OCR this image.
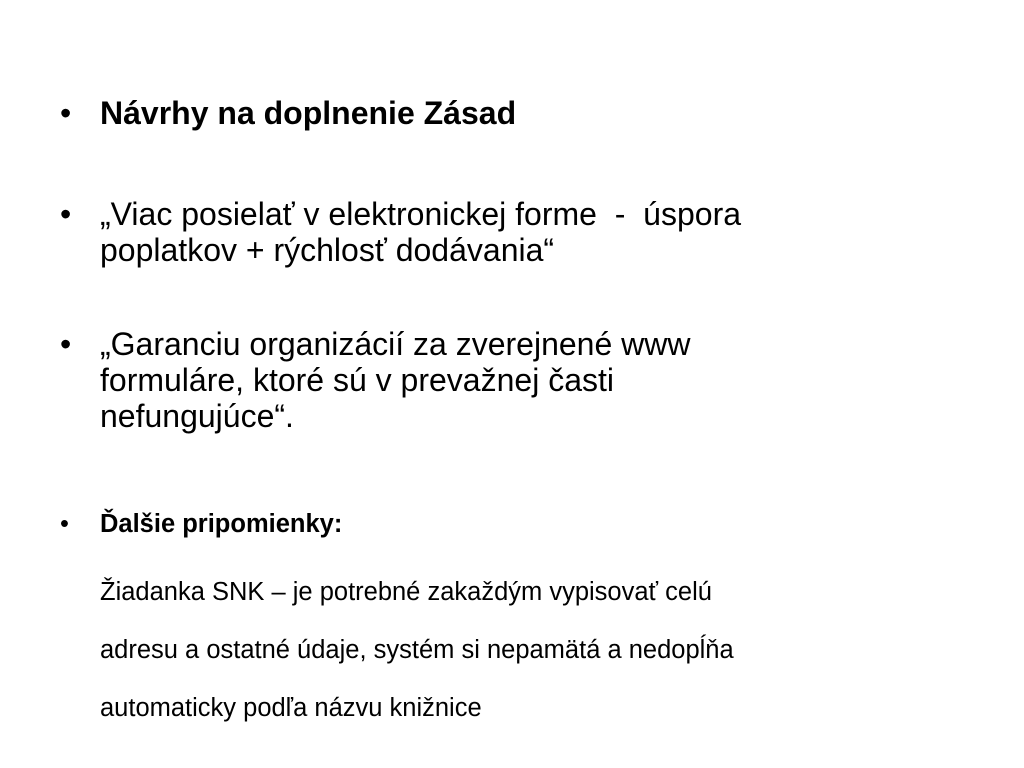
• Návrhy na doplnenie Zásad
• „Viac posielať v elektronickej forme  -  úspora
poplatkov + rýchlosť dodávania“
• „Garanciu organizácií za zverejnené www
formuláre, ktoré sú v prevažnej časti
nefungujúce“.
•	Ďalšie pripomienky:

Žiadanka SNK – je potrebné zakaždým vypisovať celú

adresu a ostatné údaje, systém si nepamätá a nedopĺňa

automaticky podľa názvu knižnice
